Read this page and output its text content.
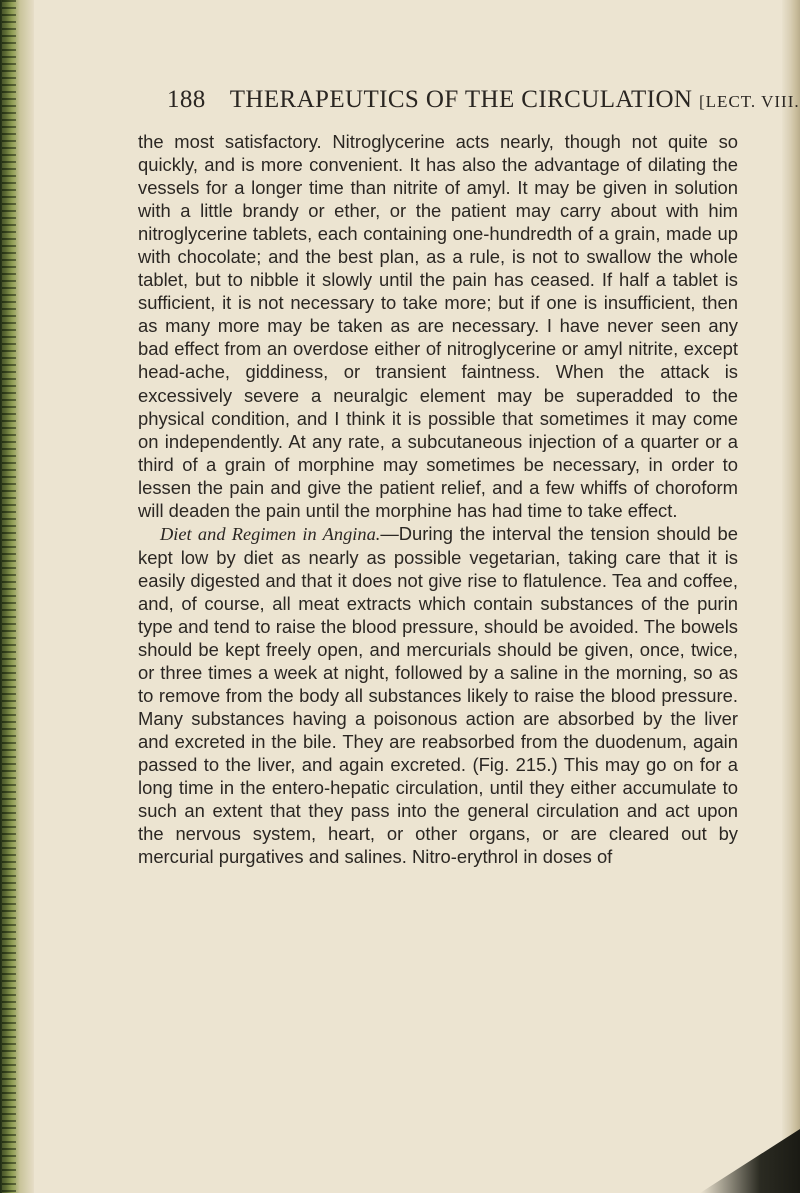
188 THERAPEUTICS OF THE CIRCULATION [LECT. VIII.

the most satisfactory. Nitroglycerine acts nearly, though not quite so quickly, and is more convenient. It has also the advantage of dilating the vessels for a longer time than nitrite of amyl. It may be given in solution with a little brandy or ether, or the patient may carry about with him nitroglycerine tablets, each containing one-hundredth of a grain, made up with chocolate; and the best plan, as a rule, is not to swallow the whole tablet, but to nibble it slowly until the pain has ceased. If half a tablet is sufficient, it is not necessary to take more; but if one is insufficient, then as many more may be taken as are necessary. I have never seen any bad effect from an overdose either of nitroglycerine or amyl nitrite, except head-ache, giddiness, or transient faintness. When the attack is excessively severe a neuralgic element may be superadded to the physical condition, and I think it is possible that sometimes it may come on independently. At any rate, a subcutaneous injection of a quarter or a third of a grain of morphine may sometimes be necessary, in order to lessen the pain and give the patient relief, and a few whiffs of choroform will deaden the pain until the morphine has had time to take effect.

Diet and Regimen in Angina.—During the interval the tension should be kept low by diet as nearly as possible vegetarian, taking care that it is easily digested and that it does not give rise to flatulence. Tea and coffee, and, of course, all meat extracts which contain substances of the purin type and tend to raise the blood pressure, should be avoided. The bowels should be kept freely open, and mercurials should be given, once, twice, or three times a week at night, followed by a saline in the morning, so as to remove from the body all substances likely to raise the blood pressure. Many substances having a poisonous action are absorbed by the liver and excreted in the bile. They are reabsorbed from the duodenum, again passed to the liver, and again excreted. (Fig. 215.) This may go on for a long time in the entero-hepatic circulation, until they either accumulate to such an extent that they pass into the general circulation and act upon the nervous system, heart, or other organs, or are cleared out by mercurial purgatives and salines. Nitro-erythrol in doses of
